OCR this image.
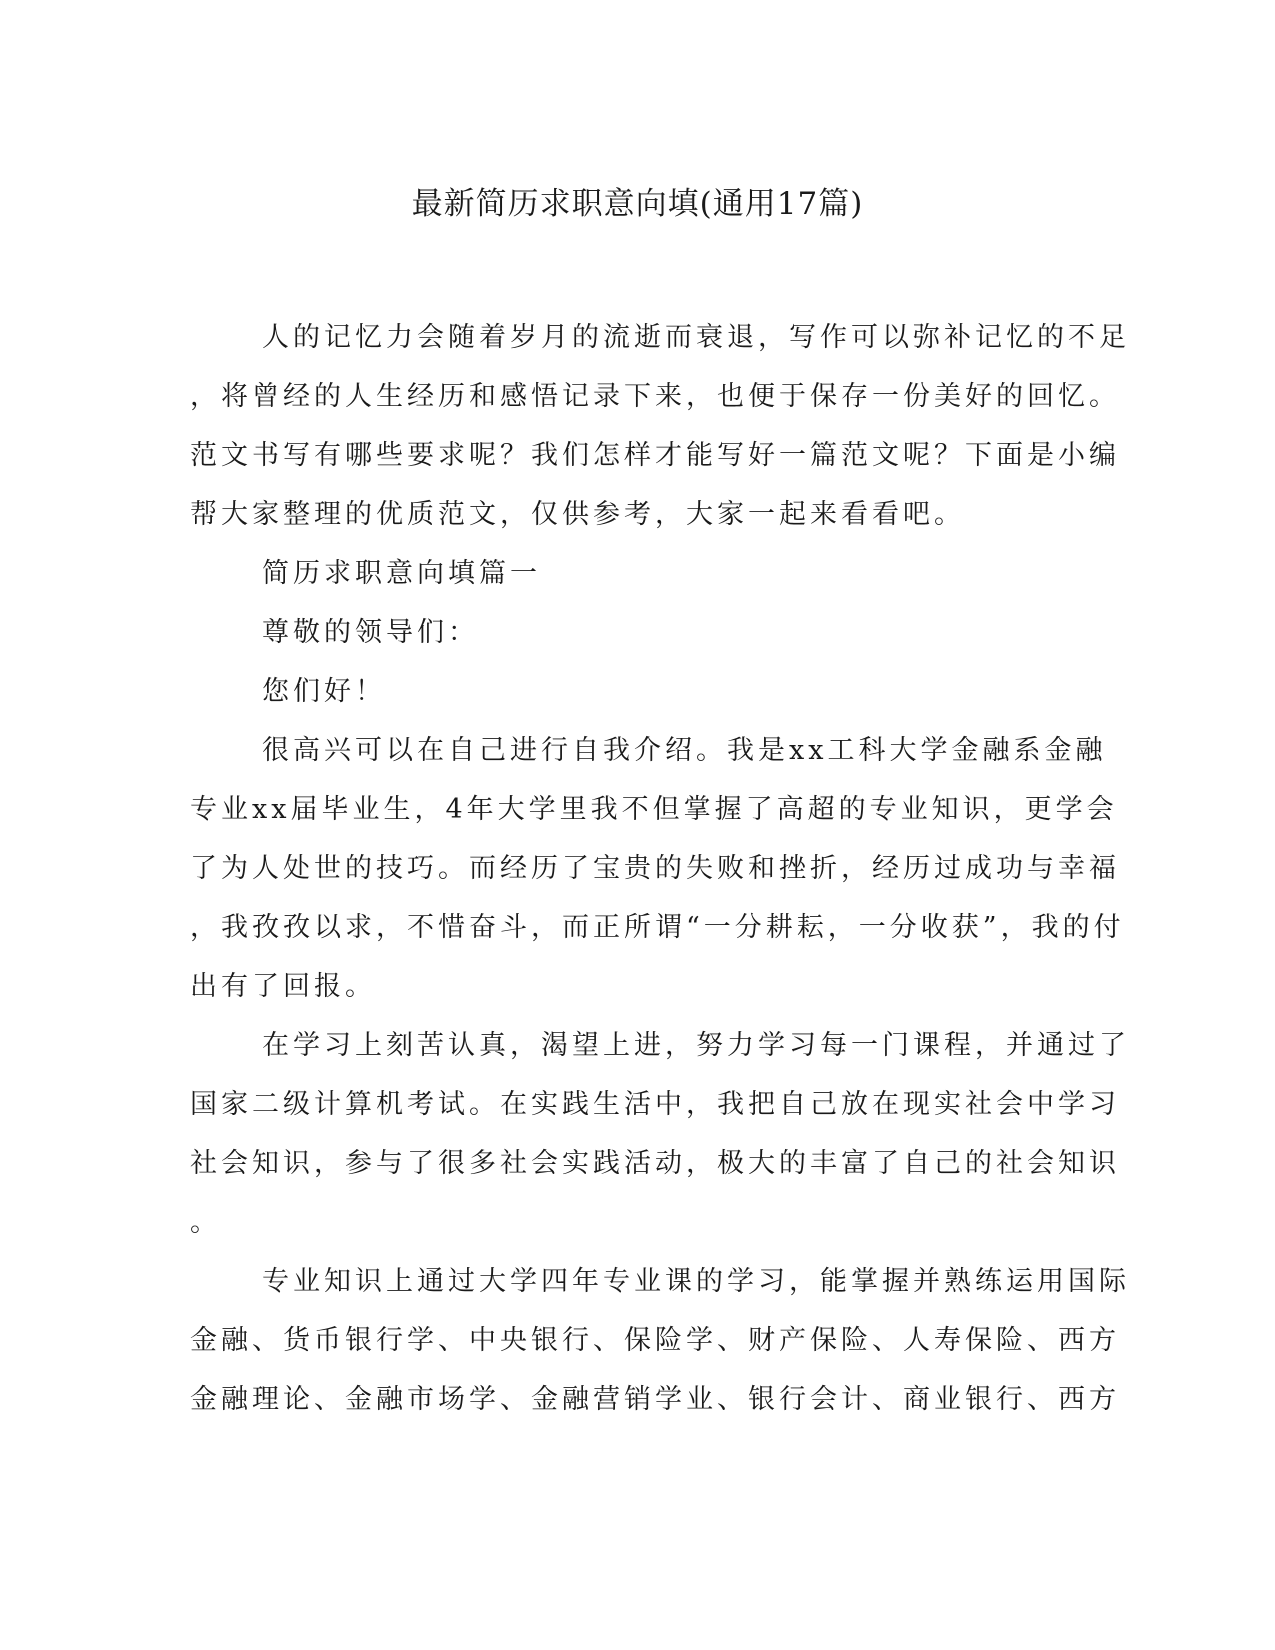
最新简历求职意向填(通用17篇)

人的记忆力会随着岁月的流逝而衰退，写作可以弥补记忆的不足

，将曾经的人生经历和感悟记录下来，也便于保存一份美好的回忆。

范文书写有哪些要求呢？我们怎样才能写好一篇范文呢？下面是小编

帮大家整理的优质范文，仅供参考，大家一起来看看吧。

简历求职意向填篇一

尊敬的领导们：

您们好！

很高兴可以在自己进行自我介绍。我是xx工科大学金融系金融

专业xx届毕业生，4年大学里我不但掌握了高超的专业知识，更学会

了为人处世的技巧。而经历了宝贵的失败和挫折，经历过成功与幸福

，我孜孜以求，不惜奋斗，而正所谓“一分耕耘，一分收获”，我的付

出有了回报。

在学习上刻苦认真，渴望上进，努力学习每一门课程，并通过了

国家二级计算机考试。在实践生活中，我把自己放在现实社会中学习

社会知识，参与了很多社会实践活动，极大的丰富了自己的社会知识

。

专业知识上通过大学四年专业课的学习，能掌握并熟练运用国际

金融、货币银行学、中央银行、保险学、财产保险、人寿保险、西方

金融理论、金融市场学、金融营销学业、银行会计、商业银行、西方
